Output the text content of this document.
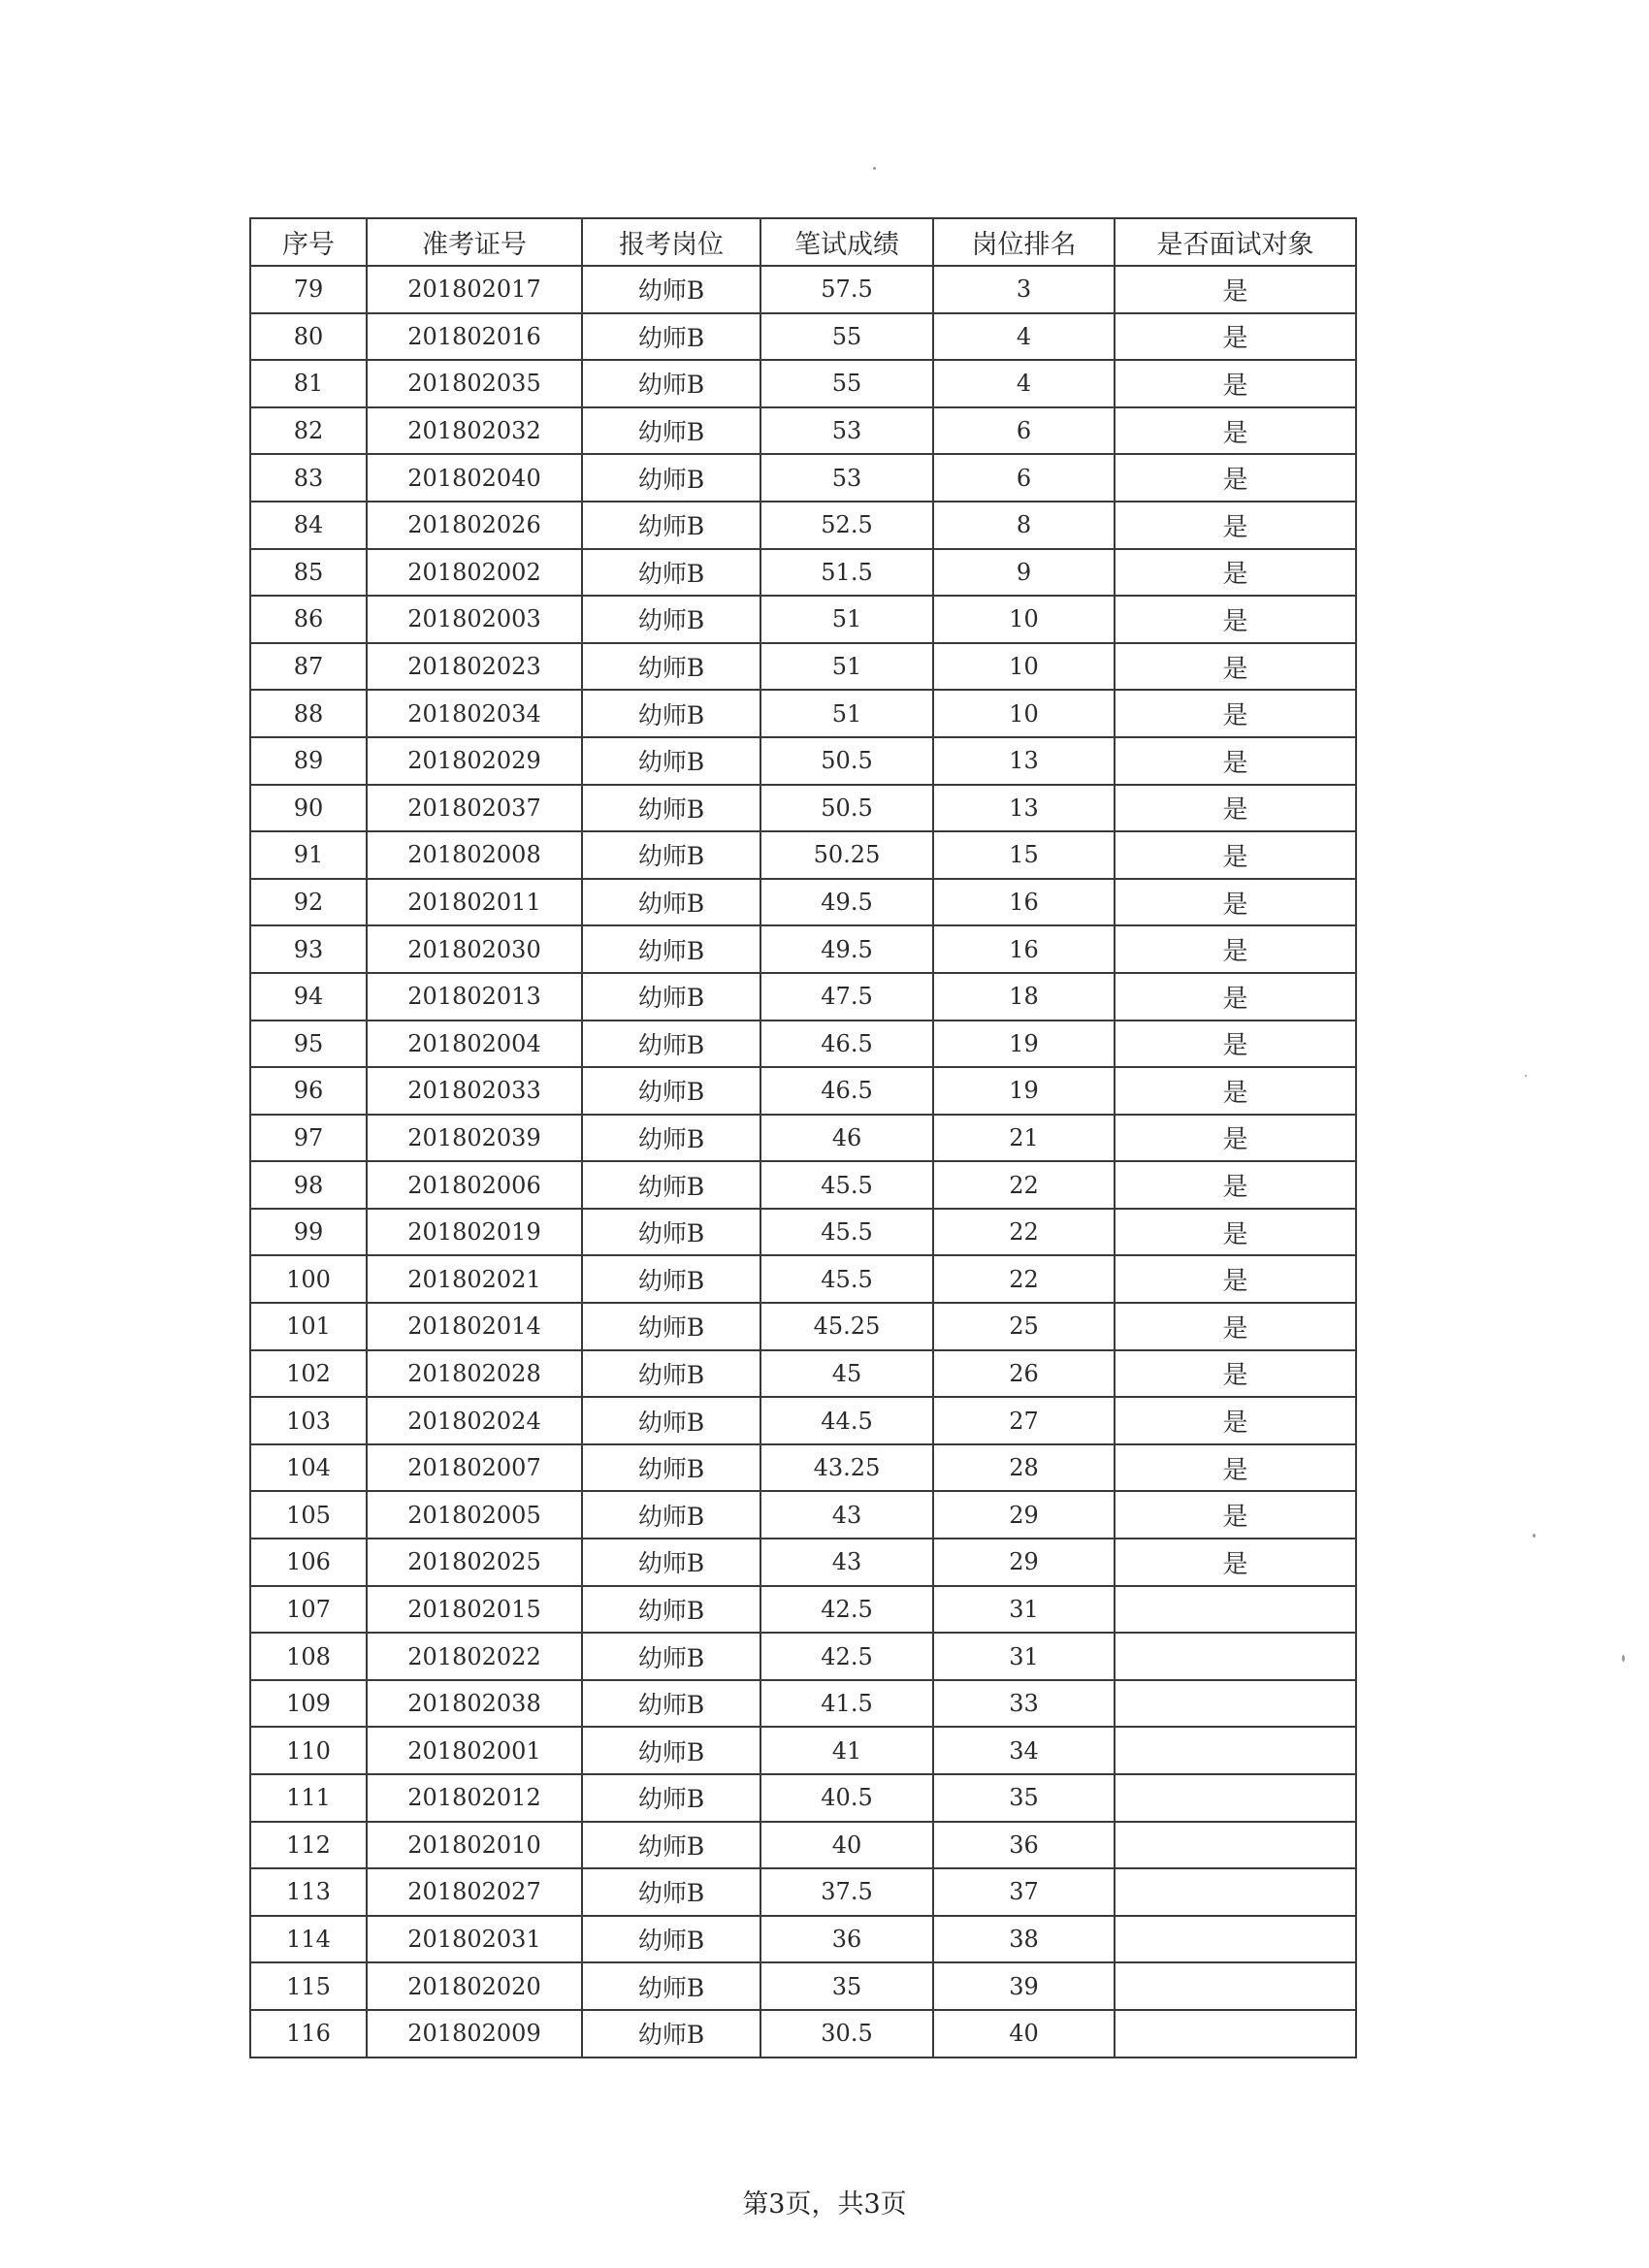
序号	准考证号	报考岗位	笔试成绩	岗位排名	是否面试对象
79	201802017	幼师B	57.5	3	是
80	201802016	幼师B	55	4	是
81	201802035	幼师B	55	4	是
82	201802032	幼师B	53	6	是
83	201802040	幼师B	53	6	是
84	201802026	幼师B	52.5	8	是
85	201802002	幼师B	51.5	9	是
86	201802003	幼师B	51	10	是
87	201802023	幼师B	51	10	是
88	201802034	幼师B	51	10	是
89	201802029	幼师B	50.5	13	是
90	201802037	幼师B	50.5	13	是
91	201802008	幼师B	50.25	15	是
92	201802011	幼师B	49.5	16	是
93	201802030	幼师B	49.5	16	是
94	201802013	幼师B	47.5	18	是
95	201802004	幼师B	46.5	19	是
96	201802033	幼师B	46.5	19	是
97	201802039	幼师B	46	21	是
98	201802006	幼师B	45.5	22	是
99	201802019	幼师B	45.5	22	是
100	201802021	幼师B	45.5	22	是
101	201802014	幼师B	45.25	25	是
102	201802028	幼师B	45	26	是
103	201802024	幼师B	44.5	27	是
104	201802007	幼师B	43.25	28	是
105	201802005	幼师B	43	29	是
106	201802025	幼师B	43	29	是
107	201802015	幼师B	42.5	31	
108	201802022	幼师B	42.5	31	
109	201802038	幼师B	41.5	33	
110	201802001	幼师B	41	34	
111	201802012	幼师B	40.5	35	
112	201802010	幼师B	40	36	
113	201802027	幼师B	37.5	37	
114	201802031	幼师B	36	38	
115	201802020	幼师B	35	39	
116	201802009	幼师B	30.5	40	
第3页，共3页
